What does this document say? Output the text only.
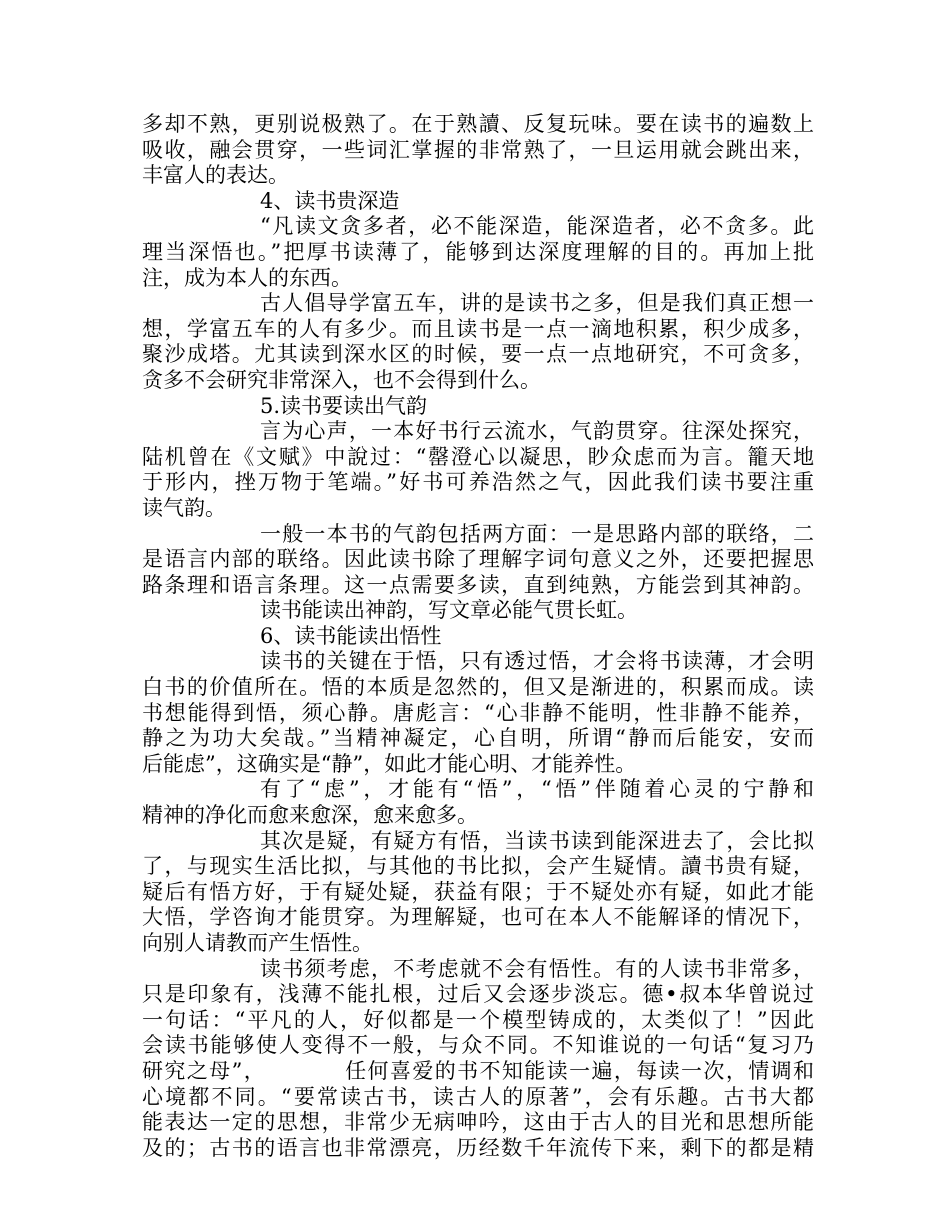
多却不熟，更别说极熟了。在于熟讀、反复玩味。要在读书的遍数上
吸收，融会贯穿，一些词汇掌握的非常熟了，一旦运用就会跳出来，
丰富人的表达。
4、读书贵深造
“凡读文贪多者，必不能深造，能深造者，必不贪多。此
理当深悟也。”把厚书读薄了，能够到达深度理解的目的。再加上批
注，成为本人的东西。
古人倡导学富五车，讲的是读书之多，但是我们真正想一
想，学富五车的人有多少。而且读书是一点一滴地积累，积少成多，
聚沙成塔。尤其读到深水区的时候，要一点一点地研究，不可贪多，
贪多不会研究非常深入，也不会得到什么。
5.读书要读出气韵
言为心声，一本好书行云流水，气韵贯穿。往深处探究，
陆机曾在《文赋》中說过：“罄澄心以凝思，眇众虑而为言。籠天地
于形内，挫万物于笔端。”好书可养浩然之气，因此我们读书要注重
读气韵。
一般一本书的气韵包括两方面：一是思路内部的联络，二
是语言内部的联络。因此读书除了理解字词句意义之外，还要把握思
路条理和语言条理。这一点需要多读，直到纯熟，方能尝到其神韵。
读书能读出神韵，写文章必能气贯长虹。
6、读书能读出悟性
读书的关键在于悟，只有透过悟，才会将书读薄，才会明
白书的价值所在。悟的本质是忽然的，但又是渐进的，积累而成。读
书想能得到悟，须心静。唐彪言：“心非静不能明，性非静不能养，
静之为功大矣哉。”当精神凝定，心自明，所谓“静而后能安，安而
后能虑”，这确实是“静”，如此才能心明、才能养性。
有了“虑”，才能有“悟”，“悟”伴随着心灵的宁静和
精神的净化而愈来愈深，愈来愈多。
其次是疑，有疑方有悟，当读书读到能深进去了，会比拟
了，与现实生活比拟，与其他的书比拟，会产生疑情。讀书贵有疑，
疑后有悟方好，于有疑处疑，获益有限；于不疑处亦有疑，如此才能
大悟，学咨询才能贯穿。为理解疑，也可在本人不能解译的情况下，
向别人请教而产生悟性。
读书须考虑，不考虑就不会有悟性。有的人读书非常多，
只是印象有，浅薄不能扎根，过后又会逐步淡忘。德•叔本华曾说过
一句话：“平凡的人，好似都是一个模型铸成的，太类似了！”因此
会读书能够使人变得不一般，与众不同。不知谁说的一句话“复习乃
研究之母”，　　　　任何喜爱的书不知能读一遍，每读一次，情调和
心境都不同。“要常读古书，读古人的原著”，会有乐趣。古书大都
能表达一定的思想，非常少无病呻吟，这由于古人的目光和思想所能
及的；古书的语言也非常漂亮，历经数千年流传下来，剩下的都是精
